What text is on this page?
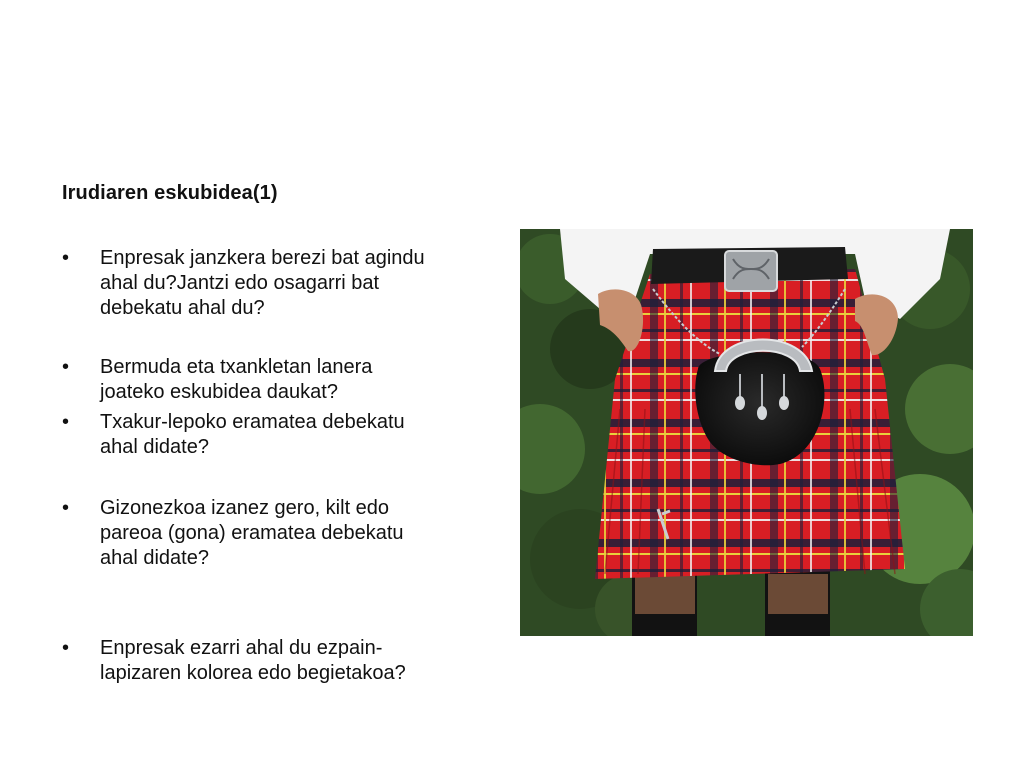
Irudiaren eskubidea(1)
• Enpresak janzkera berezi bat agindu
ahal du?Jantzi edo osagarri bat
debekatu ahal du?
• Bermuda eta txankletan lanera
joateko eskubidea daukat?
• Txakur-lepoko eramatea debekatu
ahal didate?
• Gizonezkoa izanez gero, kilt edo
pareoa (gona) eramatea debekatu
ahal didate?
• Enpresak ezarri ahal du ezpain-
lapizaren kolorea edo begietakoa?
